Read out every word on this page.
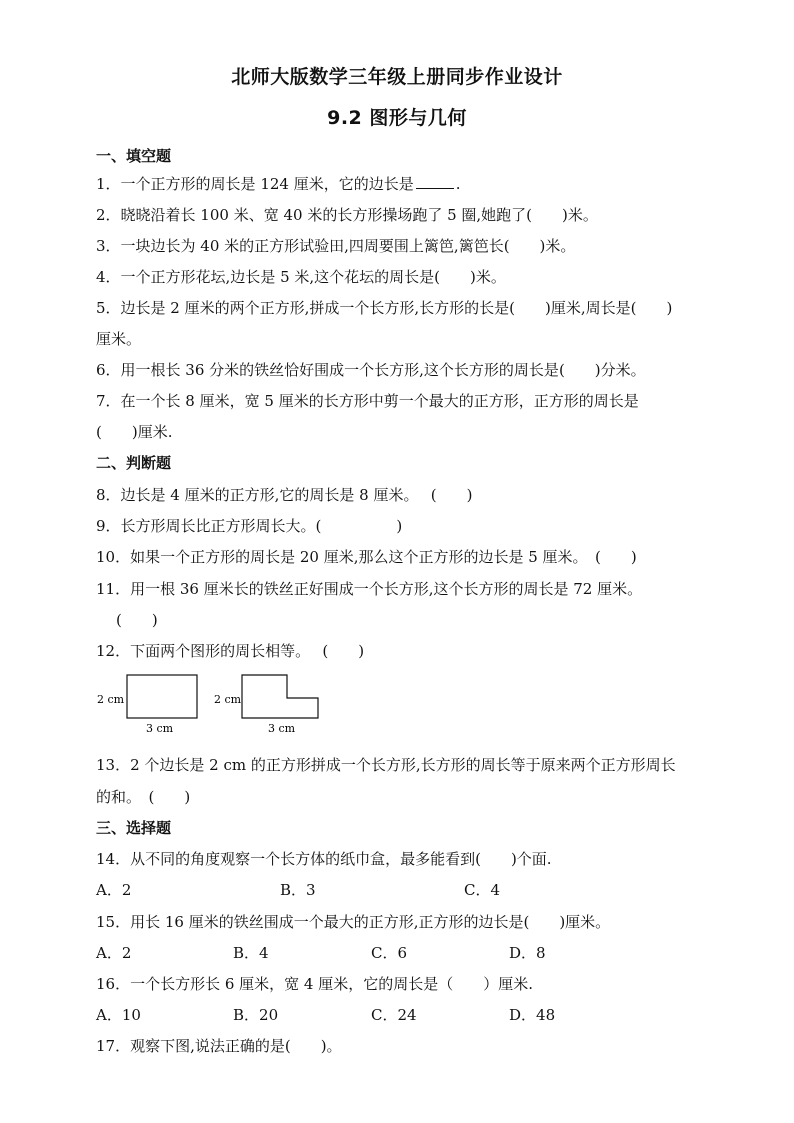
北师大版数学三年级上册同步作业设计
9.2 图形与几何
一、填空题
1．一个正方形的周长是 124 厘米，它的边长是	.
2．晓晓沿着长 100 米、宽 40 米的长方形操场跑了 5 圈,她跑了(　　)米。
3．一块边长为 40 米的正方形试验田,四周要围上篱笆,篱笆长(　　)米。
4．一个正方形花坛,边长是 5 米,这个花坛的周长是(　　)米。
5．边长是 2 厘米的两个正方形,拼成一个长方形,长方形的长是(　　)厘米,周长是(　　)
厘米。
6．用一根长 36 分米的铁丝恰好围成一个长方形,这个长方形的周长是(　　)分米。
7．在一个长 8 厘米，宽 5 厘米的长方形中剪一个最大的正方形，正方形的周长是
(　　)厘米.
二、判断题
8．边长是 4 厘米的正方形,它的周长是 8 厘米。　 (　　)
9．长方形周长比正方形周长大。(　　　　　)
10．如果一个正方形的周长是 20 厘米,那么这个正方形的边长是 5 厘米。　(　　)
11．用一根 36 厘米长的铁丝正好围成一个长方形,这个长方形的周长是 72 厘米。
(　　)
12．下面两个图形的周长相等。　 (　　)
2 cm
3 cm
2 cm
3 cm
13．2 个边长是 2 cm 的正方形拼成一个长方形,长方形的周长等于原来两个正方形周长
的和。　(　　)
三、选择题
14．从不同的角度观察一个长方体的纸巾盒，最多能看到(　　)个面.
A．2	B．3	C．4
15．用长 16 厘米的铁丝围成一个最大的正方形,正方形的边长是(　　)厘米。
A．2	B．4	C．6	D．8
16．一个长方形长 6 厘米，宽 4 厘米，它的周长是（　　）厘米.
A．10	B．20	C．24	D．48
17．观察下图,说法正确的是(　　)。
